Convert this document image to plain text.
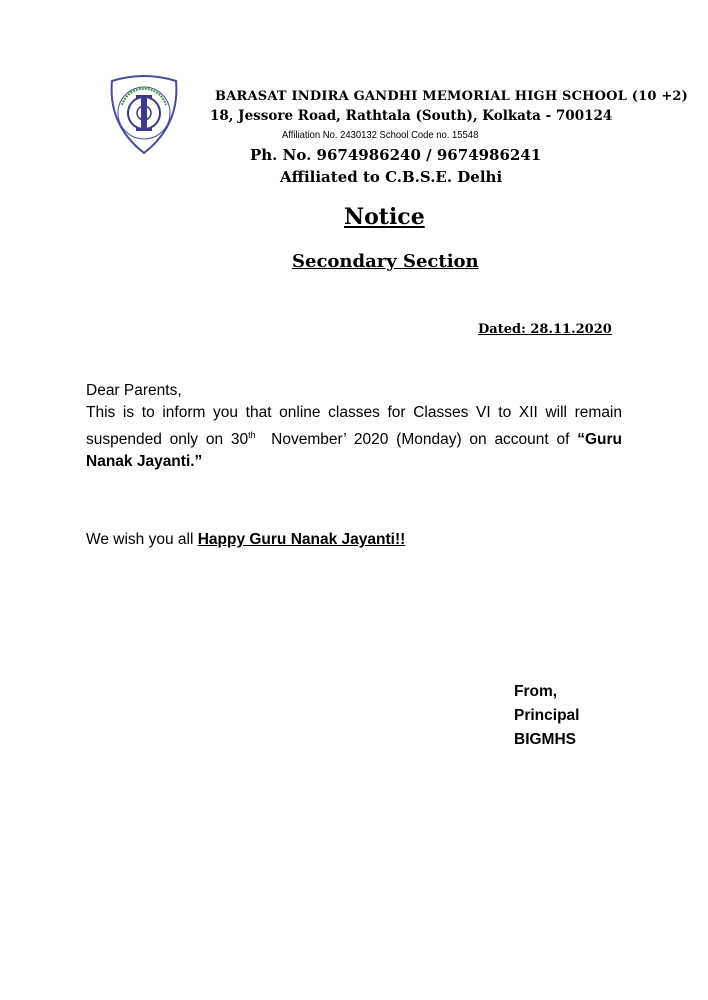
BARASAT INDIRA GANDHI MEMORIAL HIGH SCHOOL (10 +2)
18, Jessore Road, Rathtala (South), Kolkata - 700124
Affiliation No. 2430132 School Code no. 15548
Ph. No. 9674986240 / 9674986241
Affiliated to C.B.S.E. Delhi
Notice
Secondary Section
Dated: 28.11.2020
Dear Parents,
This is to inform you that online classes for Classes VI to XII will remain suspended only on 30th  November’ 2020 (Monday) on account of “Guru Nanak Jayanti.”
We wish you all Happy Guru Nanak Jayanti!!
From,
Principal
BIGMHS
